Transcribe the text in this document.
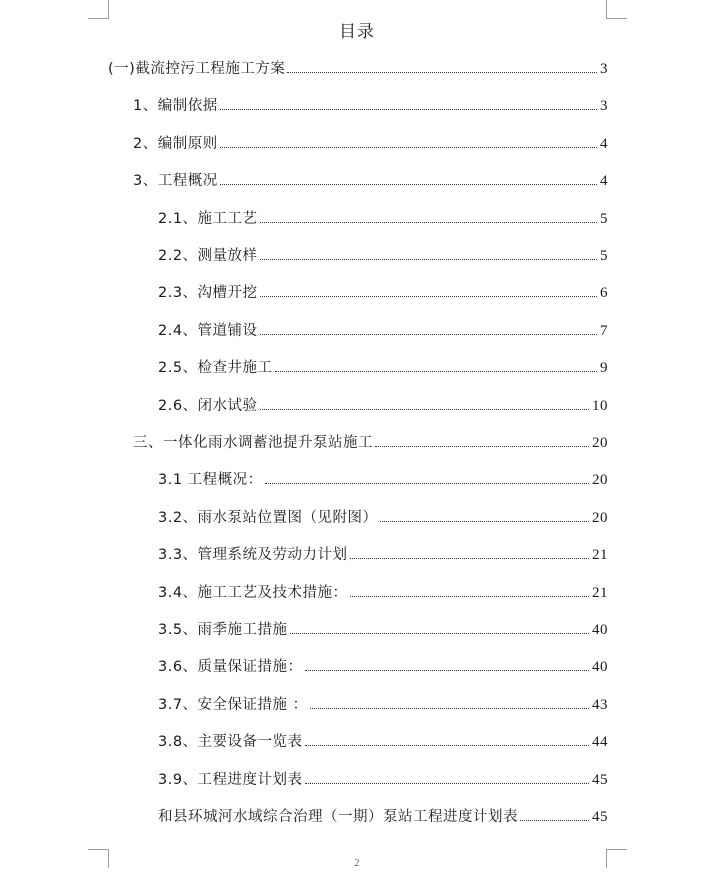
目录
(一)截流控污工程施工方案	3
1、编制依据	3
2、编制原则	4
3、工程概况	4
2.1、施工工艺	5
2.2、测量放样	5
2.3、沟槽开挖	6
2.4、管道铺设	7
2.5、检查井施工	9
2.6、闭水试验	10
三、一体化雨水调蓄池提升泵站施工	20
3.1 工程概况：	20
3.2、雨水泵站位置图（见附图）	20
3.3、管理系统及劳动力计划	21
3.4、施工工艺及技术措施：	21
3.5、雨季施工措施	40
3.6、质量保证措施：	40
3.7、安全保证措施 ：	43
3.8、主要设备一览表	44
3.9、工程进度计划表	45
和县环城河水域综合治理（一期）泵站工程进度计划表	45
2
